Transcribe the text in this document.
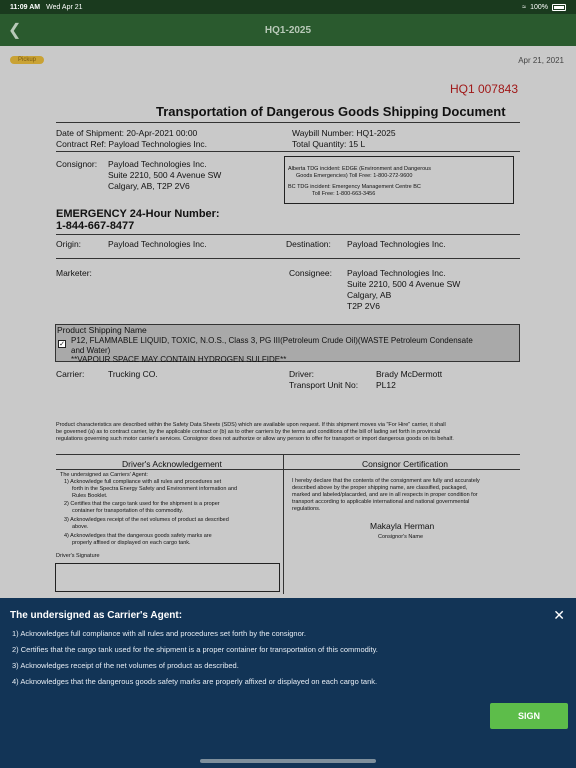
11:09 AM Wed Apr 21	≈ 100%
❮	HQ1-2025
Pickup	Apr 21, 2021
HQ1 007843
Transportation of Dangerous Goods Shipping Document
Date of Shipment: 20-Apr-2021 00:00
Contract Ref: Payload Technologies Inc.
Waybill Number: HQ1-2025
Total Quantity: 15 L
Consignor: Payload Technologies Inc.
Suite 2210, 500 4 Avenue SW
Calgary, AB, T2P 2V6
Alberta TDG incident: EDGE (Environment and Dangerous
Goods Emergencies) Toll Free: 1-800-272-9600
BC TDG incident: Emergency Management Centre BC
Toll Free: 1-800-663-3456
EMERGENCY 24-Hour Number:
1-844-667-8477
Origin:	Payload Technologies Inc.	Destination: Payload Technologies Inc.
Marketer:	Consignee: Payload Technologies Inc.
Suite 2210, 500 4 Avenue SW
Calgary, AB
T2P 2V6
Product Shipping Name
✓ P12, FLAMMABLE LIQUID, TOXIC, N.O.S., Class 3, PG III(Petroleum Crude Oil)(WASTE Petroleum Condensate
and Water)
**VAPOUR SPACE MAY CONTAIN HYDROGEN SULFIDE**
Carrier:	Trucking CO.	Driver:	Brady McDermott
Transport Unit No: PL12
Product characteristics are described within the Safety Data Sheets (SDS) which are available upon request. If this shipment moves via "For Hire" carrier, it shall
be governed (a) as to contract carrier, by the applicable contract or (b) as to other carriers by the terms and conditions of the bill of lading set forth in provincial
regulations governing such motor carrier's services. Consignor does not authorize or allow any person to offer for transport or import dangerous goods on its behalf.
Driver's Acknowledgement
The undersigned as Carriers' Agent:
1) Acknowledge full compliance with all rules and procedures set
forth in the Spectra Energy Safety and Environment information and
Rules Booklet.
2) Certifies that the cargo tank used for the shipment is a proper
container for transportation of this commodity.
3) Acknowledges receipt of the net volumes of product as described
above.
4) Acknowledges that the dangerous goods safety marks are
properly affixed or displayed on each cargo tank.
Driver's Signature
Consignor Certification
I hereby declare that the contents of the consignment are fully and accurately
described above by the proper shipping name, are classified, packaged,
marked and labeled/placarded, and are in all respects in proper condition for
transport according to applicable international and national governmental
regulations.
Makayla Herman
Consignor's Name
The undersigned as Carrier's Agent:	✕
1) Acknowledges full compliance with all rules and procedures set forth by the consignor.
2) Certifies that the cargo tank used for the shipment is a proper container for transportation of this commodity.
3) Acknowledges receipt of the net volumes of product as described.
4) Acknowledges that the dangerous goods safety marks are properly affixed or displayed on each cargo tank.
SIGN
